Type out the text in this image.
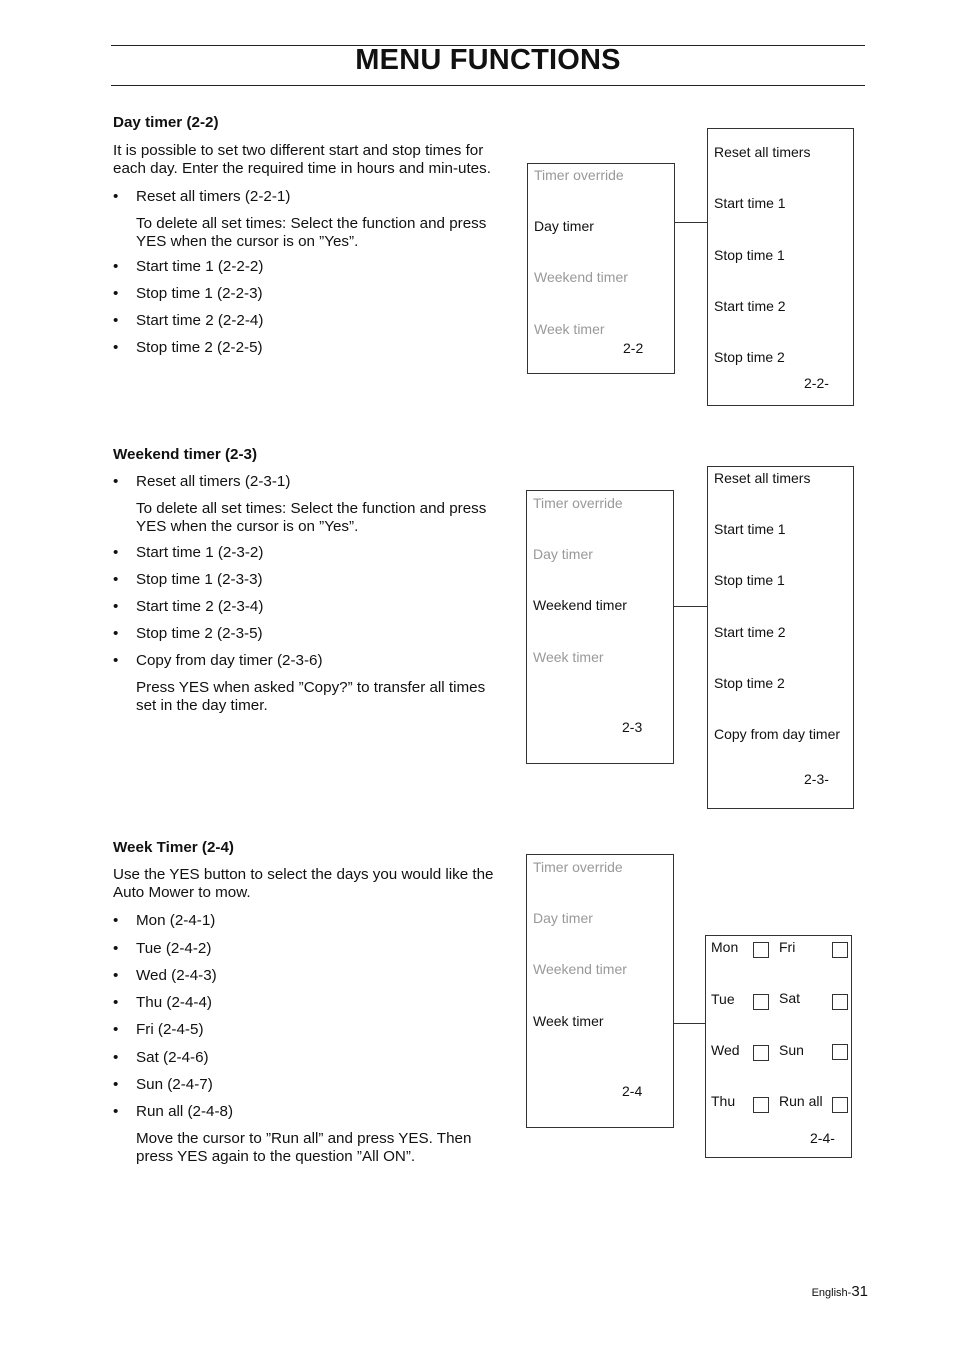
MENU FUNCTIONS
Day timer (2-2)

It is possible to set two different start and stop times for each day. Enter the required time in hours and min-utes.

• Reset all timers (2-2-1)

To delete all set times: Select the function and press YES when the cursor is on ”Yes”.

• Start time 1 (2-2-2)
• Stop time 1 (2-2-3)
• Start time 2 (2-2-4)
• Stop time 2 (2-2-5)
Timer override
Day timer
Weekend timer
Week timer
2-2
Reset all timers
Start time 1
Stop time 1
Start time 2
Stop time 2
2-2-
Weekend timer (2-3)
• Reset all timers (2-3-1)

To delete all set times: Select the function and press YES when the cursor is on ”Yes”.

• Start time 1 (2-3-2)
• Stop time 1 (2-3-3)
• Start time 2 (2-3-4)
• Stop time 2 (2-3-5)
• Copy from day timer (2-3-6)

Press YES when asked ”Copy?” to transfer all times set in the day timer.

Timer override
Day timer
Weekend timer
Week timer
2-3
Reset all timers
Start time 1
Stop time 1
Start time 2
Stop time 2
Copy from day timer
2-3-
Week Timer (2-4)

Use the YES button to select the days you would like the Auto Mower to mow.

• Mon (2-4-1)
• Tue (2-4-2)
• Wed (2-4-3)
• Thu (2-4-4)
• Fri (2-4-5)
• Sat (2-4-6)
• Sun (2-4-7)
• Run all (2-4-8)

Move the cursor to ”Run all” and press YES. Then press YES again to the question ”All ON”.

Timer override
Day timer
Weekend timer
Week timer
2-4
Mon
Tue
Wed
Thu
Fri
Sat
Sun
Run all
2-4-
English-31
